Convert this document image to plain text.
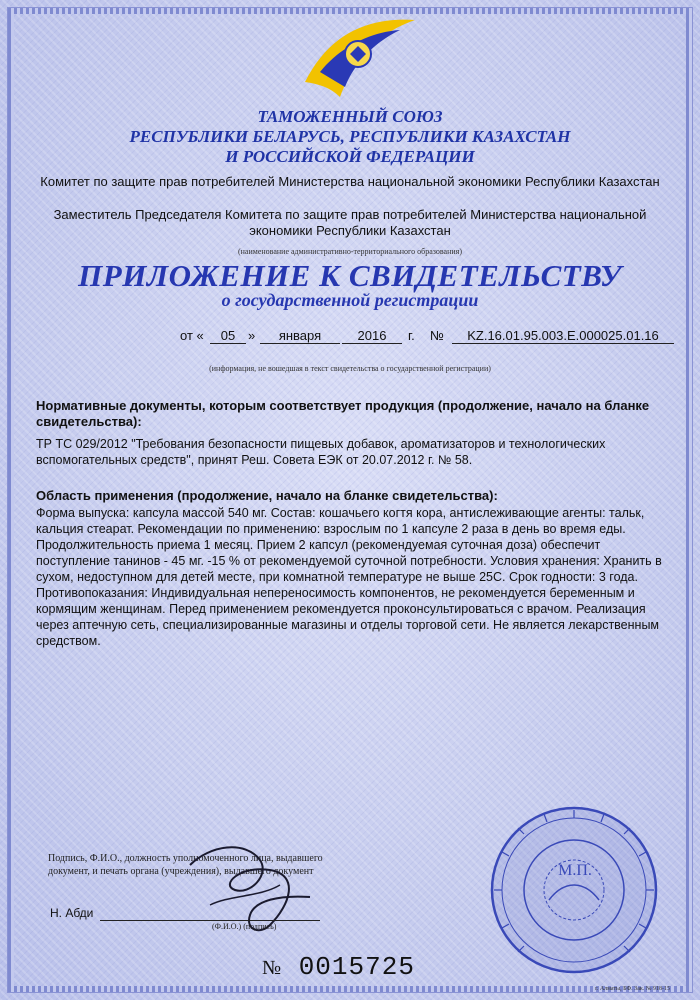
ТАМОЖЕННЫЙ СОЮЗ
РЕСПУБЛИКИ БЕЛАРУСЬ, РЕСПУБЛИКИ КАЗАХСТАН
И РОССИЙСКОЙ ФЕДЕРАЦИИ
Комитет по защите прав потребителей Министерства национальной экономики Республики Казахстан
Заместитель Председателя Комитета по защите прав потребителей Министерства национальной экономики Республики Казахстан
(наименование административно-территориального образования)
ПРИЛОЖЕНИЕ К СВИДЕТЕЛЬСТВУ
о государственной регистрации
от «	05 »	января	2016	г. №	KZ.16.01.95.003.E.000025.01.16
(информация, не вошедшая в текст свидетельства о государственной регистрации)
Нормативные документы, которым соответствует продукция (продолжение, начало на бланке свидетельства):
ТР ТС 029/2012 "Требования безопасности пищевых добавок, ароматизаторов и технологических вспомогательных средств", принят Реш. Совета ЕЭК от 20.07.2012 г. № 58.
Область применения (продолжение, начало на бланке свидетельства):
Форма выпуска: капсула массой 540 мг. Состав: кошачьего когтя кора, антислеживающие агенты: тальк, кальция стеарат. Рекомендации по применению: взрослым по 1 капсуле 2 раза в день во время еды. Продолжительность приема 1 месяц. Прием 2 капсул (рекомендуемая суточная доза) обеспечит поступление танинов - 45 мг. -15 % от рекомендуемой суточной потребности. Условия хранения: Хранить в сухом, недоступном для детей месте, при комнатной температуре не выше 25С. Срок годности: 3 года. Противопоказания: Индивидуальная непереносимость компонентов, не рекомендуется беременным и кормящим женщинам. Перед применением рекомендуется проконсультироваться с врачом. Реализация через аптечную сеть, специализированные магазины и отделы торговой сети. Не является лекарственным средством.
Подпись, Ф.И.О., должность уполномоченного лица, выдавшего документ, и печать органа (учреждения), выдавшего документ
Н. Абди
(Ф.И.О.) (подпись)
М.П.
№ 0015725
г. Алматы, БФ. Зак. № 918-15
